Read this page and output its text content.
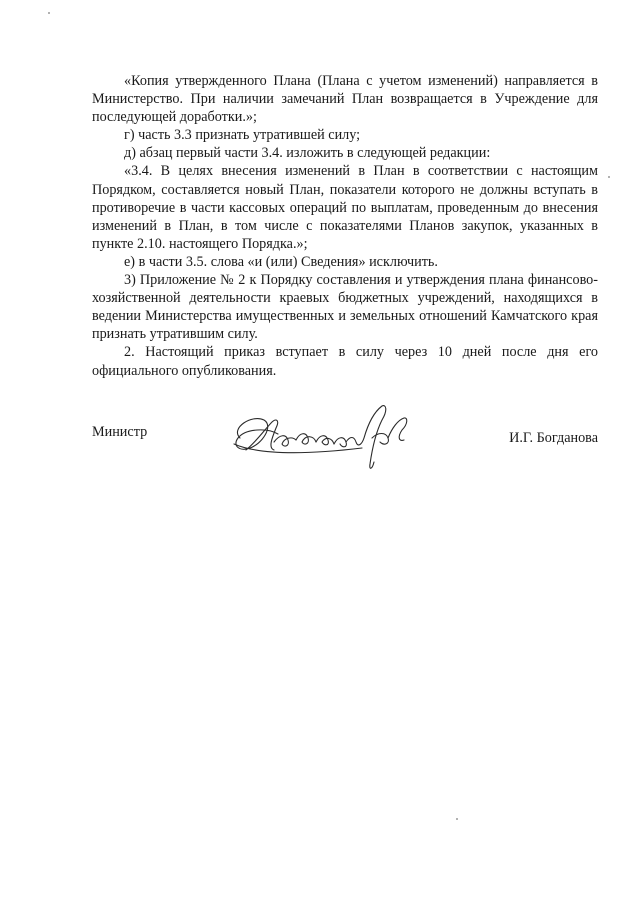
«Копия утвержденного Плана (Плана с учетом изменений) направляется в Министерство. При наличии замечаний План возвращается в Учреждение для последующей доработки.»;

г) часть 3.3 признать утратившей силу;

д) абзац первый части 3.4. изложить в следующей редакции:

«3.4. В целях внесения изменений в План в соответствии с настоящим Порядком, составляется новый План, показатели которого не должны вступать в противоречие в части кассовых операций по выплатам, проведенным до внесения изменений в План, в том числе с показателями Планов закупок, указанных в пункте 2.10. настоящего Порядка.»;

е) в части 3.5. слова «и (или) Сведения» исключить.

3) Приложение № 2 к Порядку составления и утверждения плана финансово-хозяйственной деятельности краевых бюджетных учреждений, находящихся в ведении Министерства имущественных и земельных отношений Камчатского края признать утратившим силу.

2. Настоящий приказ вступает в силу через 10 дней после дня его официального опубликования.

Министр	И.Г. Богданова
